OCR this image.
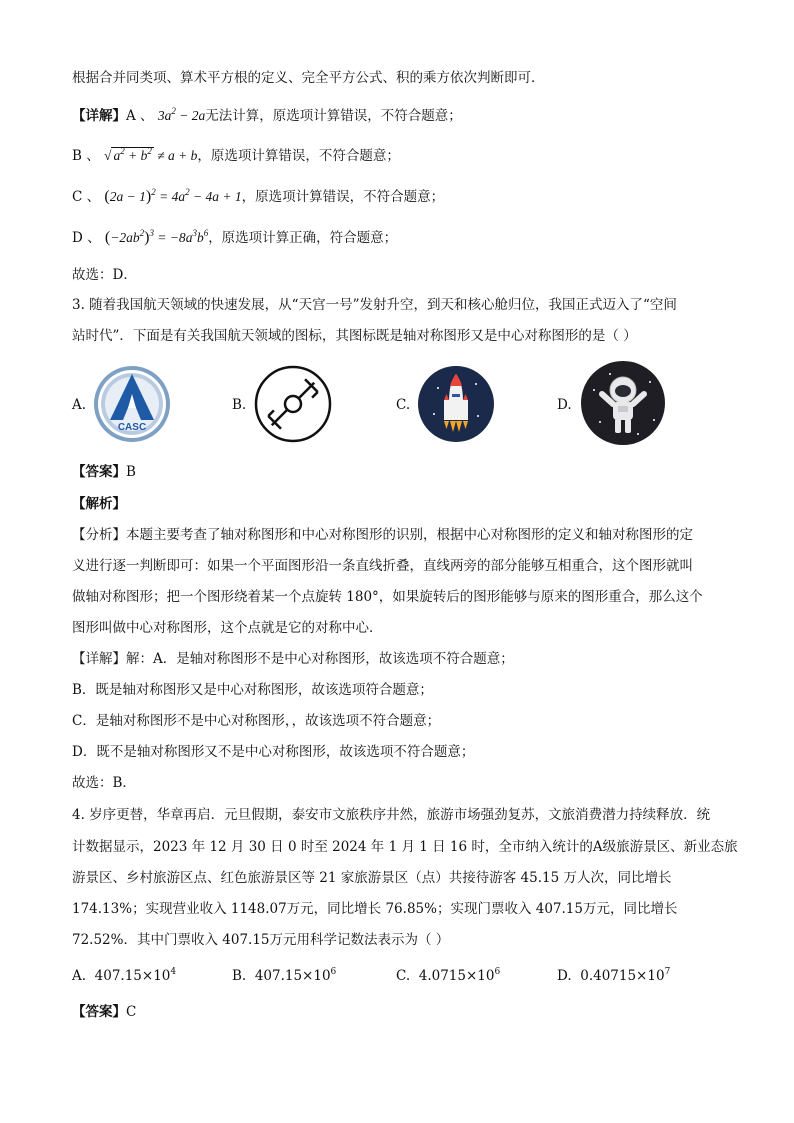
根据合并同类项、算术平方根的定义、完全平方公式、积的乘方依次判断即可．
【详解】A 、 $3a^2 - 2a$无法计算，原选项计算错误，不符合题意；
B 、 √ $a^2 + b^2 \ne a + b$，原选项计算错误，不符合题意；
C 、 $(2a - 1)^2 = 4a^2 - 4a + 1$，原选项计算错误，不符合题意；
D 、 $(-2ab^2)^3 = -8a^3b^6$，原选项计算正确，符合题意；
故选：D．
3. 随着我国航天领域的快速发展，从“天宫一号”发射升空，到天和核心舱归位，我国正式迈入了“空间
站时代”．下面是有关我国航天领域的图标，其图标既是轴对称图形又是中心对称图形的是（ ）
A.
CASC
B.	C.	D.
【答案】B
【解析】
【分析】本题主要考查了轴对称图形和中心对称图形的识别，根据中心对称图形的定义和轴对称图形的定
义进行逐一判断即可：如果一个平面图形沿一条直线折叠，直线两旁的部分能够互相重合，这个图形就叫
做轴对称图形；把一个图形绕着某一个点旋转 180°，如果旋转后的图形能够与原来的图形重合，那么这个
图形叫做中心对称图形，这个点就是它的对称中心．
【详解】解：A．是轴对称图形不是中心对称图形，故该选项不符合题意；
B．既是轴对称图形又是中心对称图形，故该选项符合题意；
C．是轴对称图形不是中心对称图形，，故该选项不符合题意；
D．既不是轴对称图形又不是中心对称图形，故该选项不符合题意；
故选：B．
4. 岁序更替，华章再启．元旦假期，泰安市文旅秩序井然，旅游市场强劲复苏，文旅消费潜力持续释放．统
计数据显示，2023 年 12 月 30 日 0 时至 2024 年 1 月 1 日 16 时，全市纳入统计的A级旅游景区、新业态旅
游景区、乡村旅游区点、红色旅游景区等 21 家旅游景区（点）共接待游客 45.15 万人次，同比增长
174.13%；实现营业收入 1148.07万元，同比增长 76.85%；实现门票收入 407.15万元，同比增长
72.52%．其中门票收入 407.15万元用科学记数法表示为（ ）
A. $407.15\times 10^4$	B. $407.15\times 10^6$	C. $4.0715\times 10^6$	D. $0.40715\times 10^7$
【答案】C
